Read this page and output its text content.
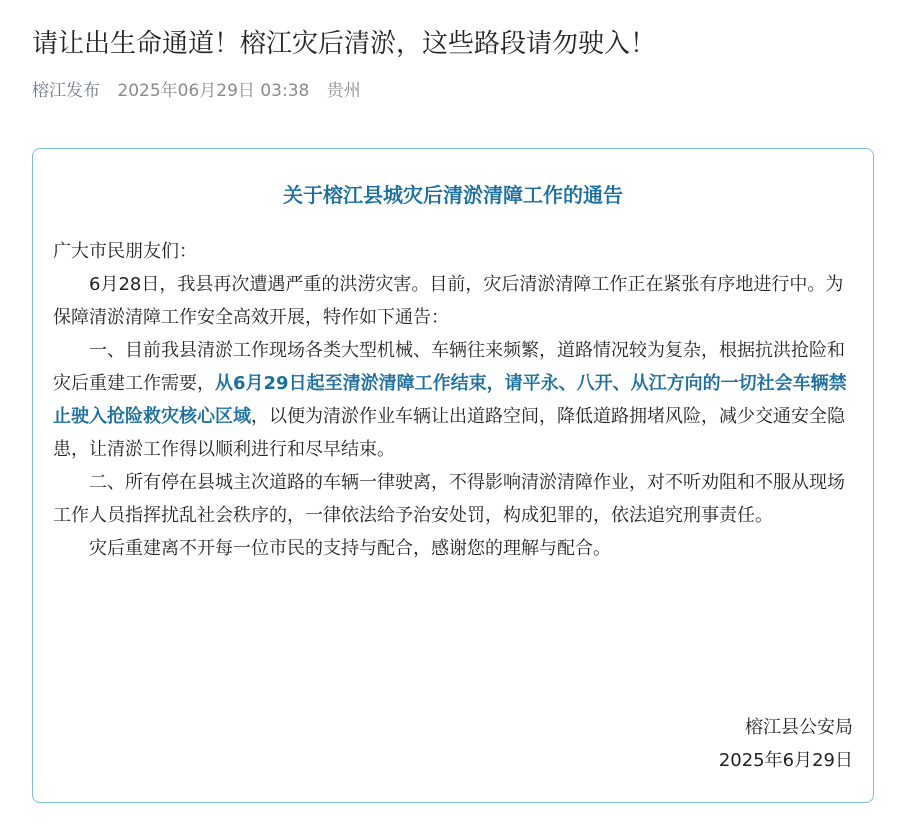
请让出生命通道！榕江灾后清淤，这些路段请勿驶入！
榕江发布 2025年06月29日 03:38 贵州
关于榕江县城灾后清淤清障工作的通告

广大市民朋友们：

6月28日，我县再次遭遇严重的洪涝灾害。目前，灾后清淤清障工作正在紧张有序地进行中。为保障清淤清障工作安全高效开展，特作如下通告：

一、目前我县清淤工作现场各类大型机械、车辆往来频繁，道路情况较为复杂，根据抗洪抢险和灾后重建工作需要，从6月29日起至清淤清障工作结束，请平永、八开、从江方向的一切社会车辆禁止驶入抢险救灾核心区域，以便为清淤作业车辆让出道路空间，降低道路拥堵风险，减少交通安全隐患，让清淤工作得以顺利进行和尽早结束。

二、所有停在县城主次道路的车辆一律驶离，不得影响清淤清障作业，对不听劝阻和不服从现场工作人员指挥扰乱社会秩序的，一律依法给予治安处罚，构成犯罪的，依法追究刑事责任。

灾后重建离不开每一位市民的支持与配合，感谢您的理解与配合。

榕江县公安局
2025年6月29日
